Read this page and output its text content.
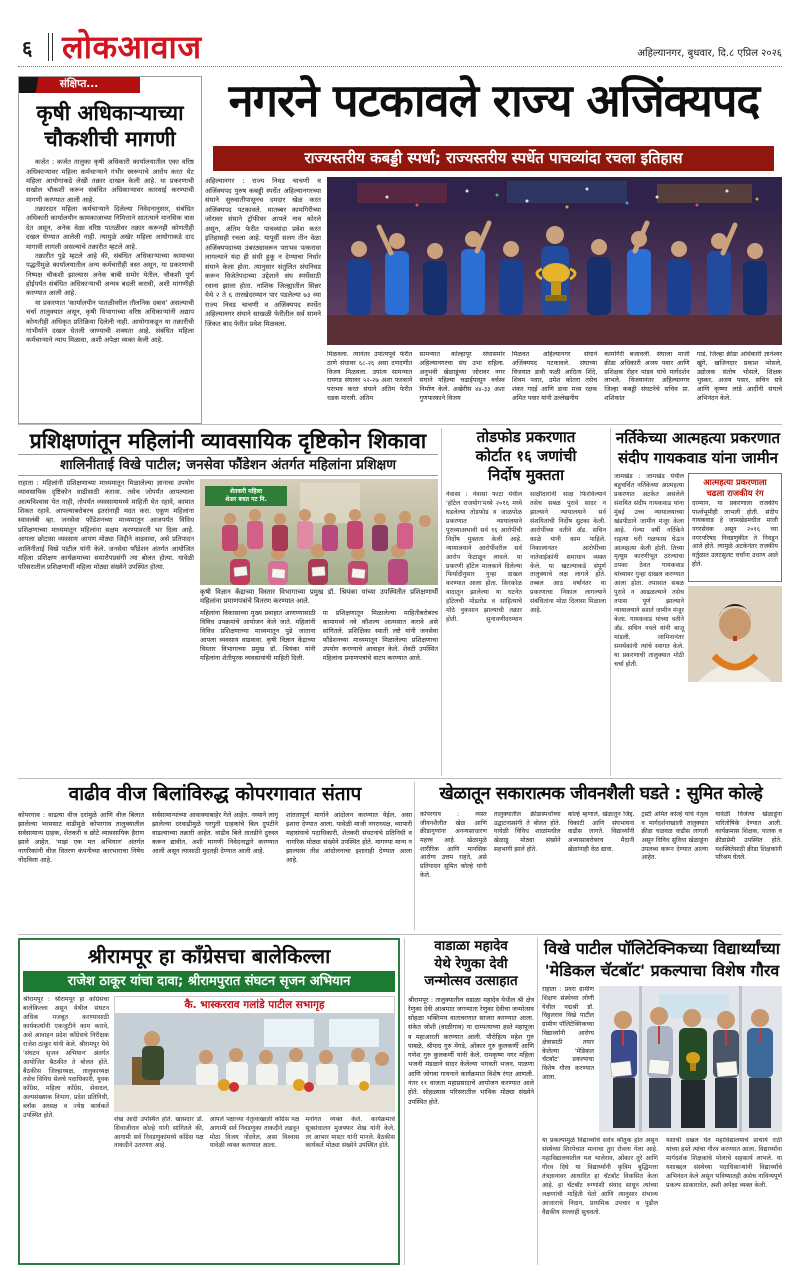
६ लोकआवाज	अहिल्यानगर, बुधवार, दि.८ एप्रिल २०२६
संक्षिप्त...
कृषी अधिकाऱ्याच्या चौकशीची मागणी

कर्जत : कर्जत तालुका कृषी अधिकारी कार्यालयातील एका वरिष्ठ अधिकाऱ्यावर महिला कर्मचाऱ्याने गंभीर स्वरूपाचे आरोप करत थेट महिला आयोगाकडे लेखी तक्रार दाखल केली आहे. या प्रकरणाची सखोल चौकशी करून संबंधित अधिकाऱ्यावर कारवाई करण्याची मागणी करण्यात आली आहे.

तक्रारदार महिला कर्मचाऱ्याने दिलेल्या निवेदनानुसार, संबंधित अधिकारी कार्यालयीन कामकाजाच्या निमित्ताने सातत्याने मानसिक त्रास देत असून, अनेक वेळा वरिष्ठ पातळीवर तक्रार करूनही कोणतीही दखल घेण्यात आलेली नाही. त्यामुळे अखेर महिला आयोगाकडे दाद मागावी लागली असल्याचे तक्रारीत म्हटले आहे.

तक्रारीत पुढे म्हटले आहे की, संबंधित अधिकाऱ्याच्या कामाच्या पद्धतीमुळे कार्यालयातील अन्य कर्मचारीही त्रस्त असून, या प्रकरणाची निष्पक्ष चौकशी झाल्यास अनेक बाबी समोर येतील. चौकशी पूर्ण होईपर्यंत संबंधित अधिकाऱ्याची अन्यत्र बदली करावी, अशी मागणीही करण्यात आली आहे.

या प्रकरणात 'कार्यालयीन पातळीवरील तौलनिक दबाव' असल्याची चर्चा तालुक्यात असून, कृषी विभागाच्या वरिष्ठ अधिकाऱ्यांनी अद्याप कोणतीही अधिकृत प्रतिक्रिया दिलेली नाही. आयोगाकडून या तक्रारीची गांभीर्याने दखल घेतली जाण्याची शक्यता आहे. संबंधित महिला कर्मचाऱ्याने न्याय मिळावा, अशी अपेक्षा व्यक्त केली आहे.

नगरने पटकावले राज्य अजिंक्यपद
राज्यस्तरीय कबड्डी स्पर्धा; राज्यस्तरीय स्पर्धेत पाचव्यांदा रचला इतिहास
अहिल्यानगर : राज्य निवड चाचणी व अजिंक्यपद पुरुष कबड्डी स्पर्धेत अहिल्यानगरच्या संघाने सुरुवातीपासूनच दमदार खेळ करत अजिंक्यपद पटकावले. मातब्बर कामगिरीच्या जोरावर संघाने ट्रॉफीवर आपले नाव कोरले असून, अंतिम फेरीत पाचव्यांदा प्रवेश करत इतिहासही रचला आहे. यापूर्वी सलग तीन वेळा अजिंक्यपदाच्या उंबरठ्यावरून पराभव पत्करावा लागल्याने यंदा ही संधी हुकू न देण्याचा निर्धार संघाने केला होता. त्यानुसार संतुलित संघनिवड करून विजेतेपदाच्या उद्देशाने संघ स्पर्धेसाठी रवाना झाला होता. नाशिक जिल्ह्यातील सिन्नर येथे २ ते ६ तारखेदरम्यान पार पडलेल्या ७३ व्या राज्य निवड चाचणी व अजिंक्यपद स्पर्धेत अहिल्यानगर संघाने साखळी फेरीतील सर्व सामने जिंकत बाद फेरीत प्रवेश मिळवला.
मिळवला. त्यानंतर उपांत्यपूर्व फेरीत ठाणे संघावर ६८-२६ असा दणदणीत विजय मिळवला. उपांत्य सामन्यात रायगड संघावर ५२-२७ अशा फरकाने पराभव करत संघाने अंतिम फेरीत धडक मारली. अंतिम
सामन्यात कोल्हापूर संघासमोर अहिल्यानगरचा संघ उभा राहिला. अनुभवी खेळाडूंच्या जोरावर नगर संघाने पहिल्या चढाईपासून वर्चस्व निर्माण केले. अखेरीस ४४-३३ अशा गुणफरकाने विजय
मिळवत अहिल्यानगर संघाने अजिंक्यपद पटकावले. संघाच्या विजयात डावी फळी आदित्य शिंदे, शिवम पवार, उमेश कोतरा तसेच शंकर गदई आणि डावा मध्य रक्षक अमित पवार यांनी उल्लेखनीय
कामगिरी बजावली. संघाला माजी क्रीडा अधिकारी अजय पवार आणि प्रशिक्षक रोहन पांडव यांचे मार्गदर्शन लाभले. विजयानंतर अहिल्यानगर जिल्हा कबड्डी संघटनेचे सचिव प्रा. शशिकांत
गाडे, जिल्हा क्रीडा अधिकारी ज्ञानेश्वर खुंगे, खजिनदार प्रकाश भोसले, उद्योजक संतोष भोसले, शिक्षक भुस्कर, अजय पवार, सचिन सत्रे आणि कृष्णा लांडे आदींनी संघाचे अभिनंदन केले.
प्रशिक्षणांतून महिलांनी व्यावसायिक दृष्टिकोन शिकावा
शालिनीताई विखे पाटील; जनसेवा फौंडेशन अंतर्गत महिलांना प्रशिक्षण
राहाता : महिलांनी प्रशिक्षणाच्या माध्यमातून मिळालेल्या ज्ञानाचा उपयोग व्यावसायिक दृष्टिकोन वाढीसाठी करावा. तसेच जोपर्यंत आपल्याला आत्मविश्वास येत नाही, तोपर्यंत व्यवसायामध्ये माहिती घेत रहावे, कामात शिकत रहावे. आपल्याबरोबरच इतरांनाही मदत करा. एकूण महिलांना स्वावलंबी व्हा. जनसेवा फौंडेशनच्या माध्यमातून आजपर्यंत विविध प्रशिक्षणाच्या माध्यमातून महिलांना सक्षम करण्यावरती भर दिला आहे. आपला छोटासा व्यवसाय आपण मोठ्या जिद्दीने वाढवावा, असे प्रतिपादन शालिनीताई विखे पाटील यांनी केले. जनसेवा फौंडेशन अंतर्गत आयोजित महिला प्रशिक्षण कार्यक्रमाच्या समारोपप्रसंगी त्या बोलत होत्या. यावेळी परिसरातील प्रशिक्षणार्थी महिला मोठ्या संख्येने उपस्थित होत्या.
शेतकरी महिला
शेअर बचत गट नि.
कृषी विज्ञान केंद्राच्या विस्तार विभागाच्या प्रमुख डॉ. श्रियंका यांच्या उपस्थितीत प्रशिक्षणार्थी महिलांना प्रमाणपत्रांचे वितरण करण्यात आले.
महिलांना विकासाच्या मुख्य प्रवाहात आणण्यासाठी विविध उपक्रमांचे आयोजन केले जाते. महिलांनी विविध प्रशिक्षणाच्या माध्यमातून पुढे जाताना आपला व्यवसाय वाढवावा. कृषी विज्ञान केंद्राच्या विस्तार विभागाच्या प्रमुख डॉ. श्रियंका यांनी महिलांना शेतीपूरक व्यवसायांची माहिती दिली.
या प्रशिक्षणातून मिळालेल्या माहितीबरोबरच कामामध्ये नवे कौशल्य आत्मसात करावे असे सांगितले. प्रशिक्षिका स्वाती लष्टे यांनी जनसेवा फौंडेशनच्या माध्यमातून मिळालेल्या प्रशिक्षणाचा उपयोग करण्याचे आवाहन केले. शेवटी उपस्थित महिलांना प्रमाणपत्रांचे वाटप करण्यात आले.
तोडफोड प्रकरणात
कोर्टात १६ जणांची
निर्दोष मुक्तता
नेवासा : नेवासा फाटा येथील 'हॉटेल राजयोग'मध्ये २०१६ मध्ये घडलेल्या तोडफोड व जाळपोळ प्रकरणात न्यायालयाने पुराव्याअभावी सर्व १६ आरोपींची निर्दोष मुक्तता केली आहे. न्यायालयाने आरोपींवरील सर्व आरोप फेटाळून लावले. या प्रकरणी हॉटेल मालकाने दिलेल्या फिर्यादीनुसार गुन्हा दाखल करण्यात आला होता. किरकोळ वादातून झालेल्या या घटनेत हॉटेलची मोडतोड व साहित्याचे मोठे नुकसान झाल्याची तक्रार होती. सुनावणीदरम्यान साक्षीदारांनी साक्ष फिरविल्याने तसेच सबळ पुरावे सादर न झाल्याने न्यायालयाने सर्व संशयितांची निर्दोष सुटका केली. आरोपींच्या वतीने अ‍ॅड. सचिन काळे यांनी काम पाहिले. निकालानंतर आरोपींच्या नातेवाईकांनी समाधान व्यक्त केले. या खटल्याकडे संपूर्ण तालुक्याचे लक्ष लागले होते. तब्बल आठ वर्षांनंतर या प्रकरणाचा निकाल लागल्याने संबंधितांना मोठा दिलासा मिळाला आहे.
नर्तिकेच्या आत्महत्या प्रकरणात
संदीप गायकवाड यांना जामीन
आत्महत्या प्रकरणाला
चढला राजकीय रंग
दरम्यान, या प्रकरणाला राजकीय पार्श्वभूमीही लाभली होती. संदीप गायकवाड हे जामखेडमधील माजी नगरसेवक असून २०१६ च्या नगरपरिषद निवडणुकीत ते निवडून आले होते. त्यामुळे अटकेनंतर राजकीय वर्तुळात उलटसुलट चर्चांना उधाण आले होते.
जामखेड : जामखेड येथील बहुचर्चित नर्तिकेच्या आत्महत्या प्रकरणात अटकेत असलेले संशयित संदीप गायकवाड यांना मुंबई उच्च न्यायालयाच्या खंडपीठाने जामीन मंजूर केला आहे. गेल्या वर्षी नर्तिकेने राहत्या घरी गळफास घेऊन आत्महत्या केली होती. तिच्या मृत्यूस कारणीभूत ठरल्याचा ठपका ठेवत गायकवाड यांच्यावर गुन्हा दाखल करण्यात आला होता. तपासात सबळ पुरावे न आढळल्याने तसेच तपास पूर्ण झाल्याने न्यायालयाने सशर्त जामीन मंजूर केला. गायकवाड यांच्या वतीने अ‍ॅड. सचिन नवले यांनी बाजू मांडली. जामिनानंतर समर्थकांनी त्यांचे स्वागत केले. या प्रकरणाची तालुक्यात मोठी चर्चा होती.
वाढीव वीज बिलांविरुद्ध कोपरगावात संताप
कोपरगाव : वाढत्या वीज दरांमुळे आणि वीज बिलात झालेल्या भरमसाट वाढीमुळे कोपरगाव तालुक्यातील सर्वसामान्य ग्राहक, शेतकरी व छोटे व्यावसायिक हैराण झाले आहेत. 'माझं एक मत अभियान' अंतर्गत नागरिकांनी वीज वितरण कंपनीच्या कारभाराचा निषेध नोंदविला आहे.
सर्वसामान्यांच्या आवाक्याबाहेर गेले आहेत. नव्याने लागू झालेल्या दरवाढीमुळे घरगुती ग्राहकांचे बिल दुपटीने वाढल्याच्या तक्रारी आहेत. वाढीव बिले तातडीने दुरुस्त करून द्यावीत, अशी मागणी निवेदनाद्वारे करण्यात आली असून त्यासाठी मुदतही देण्यात आली आहे.
शांततापूर्ण मार्गाने आंदोलन करण्यात येईल, असा इशारा देण्यात आला. यावेळी माजी नगराध्यक्ष, व्यापारी महासंघाचे पदाधिकारी, शेतकरी संघटनांचे प्रतिनिधी व नागरिक मोठ्या संख्येने उपस्थित होते. मागण्या मान्य न झाल्यास तीव्र आंदोलनाचा इशाराही देण्यात आला आहे.
खेळातून सकारात्मक जीवनशैली घडते : सुमित कोल्हे
कोपरगाव : व्यस्त जीवनशैलीत खेळ आणि क्रीडागुणांना अनन्यसाधारण महत्त्व आहे. खेळामुळे शारीरिक आणि मानसिक आरोग्य उत्तम राहते, असे प्रतिपादन सुमित कोल्हे यांनी केले.
तालुक्यातील क्रीडास्पर्धांच्या उद्घाटनप्रसंगी ते बोलत होते. यावेळी विविध शाळांमधील खेळाडू मोठ्या संख्येने सहभागी झाले होते.
कोल्हे म्हणाले, खेळातून जिद्द, चिकाटी आणि संघभावना वाढीस लागते. विद्यार्थ्यांनी अभ्यासाबरोबरच मैदानी खेळांनाही वेळ द्यावा.
ट्रस्टी अमित कोल्हे यांचे नेतृत्व व मार्गदर्शनाखाली तालुक्यात क्रीडा चळवळ वाढीस लागली असून विविध सुविधा खेळाडूंना उपलब्ध करून देण्यात आल्या आहेत.
यावेळी विजेत्या खेळाडूंना पारितोषिके देण्यात आली. कार्यक्रमास शिक्षक, पालक व क्रीडाप्रेमी उपस्थित होते. यशस्वितेसाठी क्रीडा शिक्षकांनी परिश्रम घेतले.
श्रीरामपूर हा काँग्रेसचा बालेकिल्ला
राजेश ठाकूर यांचा दावा; श्रीरामपुरात संघटन सृजन अभियान
श्रीरामपूर : श्रीरामपूर हा काँग्रेसचा बालेकिल्ला असून येथील संघटन अधिक मजबूत करण्यासाठी कार्यकर्त्यांनी एकजुटीने काम करावे, असे आवाहन प्रदेश काँग्रेसचे निरीक्षक राजेश ठाकूर यांनी केले. श्रीरामपूर येथे 'संघटन सृजन अभियान' अंतर्गत आयोजित बैठकीत ते बोलत होते. बैठकीस जिल्हाध्यक्ष, तालुकाध्यक्ष तसेच विविध सेलचे पदाधिकारी, युवक काँग्रेस, महिला काँग्रेस, सेवादल, अल्पसंख्याक विभाग, प्रदेश प्रतिनिधी, ब्लॉक अध्यक्ष व ज्येष्ठ कार्यकर्ते उपस्थित होते.
कै. भास्करराव गलांडे पाटील सभागृह
शेख आदी उपस्थित होते. खासदार डॉ. शिवाजीराव कोल्हे यांनी सांगितले की, आगामी सर्व निवडणुकांमध्ये काँग्रेस पक्ष ताकदीने उतरणार आहे.
आपले पक्षाच्या नेतृत्वाखाली काँग्रेस पक्ष आगामी सर्व निवडणुका ताकदीने लढवून मोठा विजय नोंदवेल, असा विश्वास यावेळी व्यक्त करण्यात आला.
मनोगत व्यक्त केले. कार्यक्रमाचे सूत्रसंचालन मुजफ्फर शेख यांनी केले, तर आभार मास्टर यांनी मानले. बैठकीस कार्यकर्ते मोठ्या संख्येने उपस्थित होते.
वाडाळा महादेव
येथे रेणुका देवी
जन्मोत्सव उत्साहात
श्रीरामपूर : तालुक्यातील वडाळा महादेव येथील श्री क्षेत्र रेणुका देवी आश्रमात जगन्माता रेणुका देवीचा जन्मोत्सव सोहळा भक्तिमय वातावरणात साजरा करण्यात आला. संकेत जोशी (वाळीगाव) या दाम्पत्याच्या हस्ते महापूजा व महाआरती करण्यात आली. पौरोहित्य महेश गुरु पाबळे, श्रीपाद गुरु मेंगडे, ओंकार गुरु कुलकर्णी आणि गणेश गुरु कुलकर्णी यांनी केले. रामकृष्ण नगर महिला भजनी मंडळाने सादर केलेल्या भगवती भजन, पाळणा आणि जोगवा गायनाने कार्यक्रमात विशेष रंगत आणली. नंतर ११ वाजता महाप्रसादाचे आयोजन करण्यात आले होते. सोहळ्यास परिसरातील भाविक मोठ्या संख्येने उपस्थित होते.
विखे पाटील पॉलिटेक्निकच्या विद्यार्थ्यांच्या
'मेडिकल चॅटबॉट' प्रकल्पाचा विशेष गौरव
राहाता : प्रवरा ग्रामीण शिक्षण संस्थेच्या लोणी येथील पद्मश्री डॉ. विठ्ठलराव विखे पाटील ग्रामीण पॉलिटेक्निकच्या विद्यार्थ्यांनी आरोग्य क्षेत्रासाठी तयार केलेल्या 'मेडिकल चॅटबॉट' प्रकल्पाचा विशेष गौरव करण्यात आला.
या प्रकल्पामुळे विद्यार्थ्यांचे सर्वत्र कौतुक होत असून संस्थेच्या शिरपेचात मानाचा तुरा रोवला गेला आहे. महाविद्यालयातील यश भालेराव, ओंकार तुरे आणि गौरव दिघे या विद्यार्थ्यांनी कृत्रिम बुद्धिमत्ता तंत्रज्ञानावर आधारित हा चॅटबॉट विकसित केला आहे. हा चॅटबॉट रुग्णांशी संवाद साधून त्यांच्या लक्षणांची माहिती घेतो आणि त्यानुसार संभाव्य आजाराचे निदान, प्राथमिक उपचार व पुढील वैद्यकीय सल्लाही सुचवतो.
यशाची दखल घेत महाविद्यालयाचे प्राचार्य राठी यांच्या हस्ते त्यांचा गौरव करण्यात आला. विद्यार्थ्यांना मार्गदर्शक शिक्षकांचे मोलाचे सहकार्य लाभले. या यशाबद्दल संस्थेच्या पदाधिकाऱ्यांनी विद्यार्थ्यांचे अभिनंदन केले असून भविष्यातही असेच नाविन्यपूर्ण प्रकल्प साकारावेत, अशी अपेक्षा व्यक्त केली.
